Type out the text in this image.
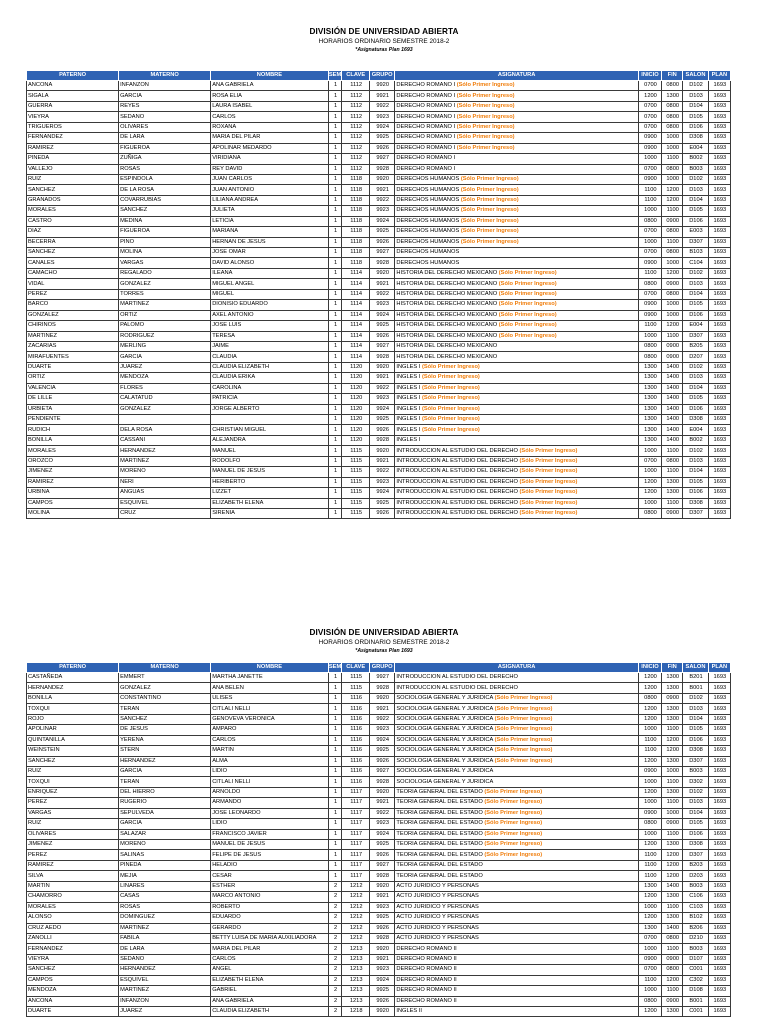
DIVISIÓN DE UNIVERSIDAD ABIERTA
HORARIOS ORDINARIO SEMESTRE 2018-2
*Asignaturas Plan 1693
PATERNO	MATERNO	NOMBRE	SEM	CLAVE	GRUPO	ASIGNATURA	INICIO	FIN	SALON	PLAN
ANCONA	INFANZON	ANA GABRIELA	1	1112	9920	DERECHO ROMANO I (Sólo Primer Ingreso)	0700	0800	D102	1693
SIGALA	GARCIA	ROSA ELIA	1	1112	9921	DERECHO ROMANO I (Sólo Primer Ingreso)	1200	1300	D103	1693
GUERRA	REYES	LAURA ISABEL	1	1112	9922	DERECHO ROMANO I (Sólo Primer Ingreso)	0700	0800	D104	1693
VIEYRA	SEDANO	CARLOS	1	1112	9923	DERECHO ROMANO I (Sólo Primer Ingreso)	0700	0800	D105	1693
TRIGUEROS	OLIVARES	ROXANA	1	1112	9924	DERECHO ROMANO I (Sólo Primer Ingreso)	0700	0800	D106	1693
FERNANDEZ	DE LARA	MARIA DEL PILAR	1	1112	9925	DERECHO ROMANO I (Sólo Primer Ingreso)	0900	1000	D308	1693
RAMIREZ	FIGUEROA	APOLINAR MEDARDO	1	1112	9926	DERECHO ROMANO I (Sólo Primer Ingreso)	0900	1000	E004	1693
PINEDA	ZUÑIGA	VIRIDIANA	1	1112	9927	DERECHO ROMANO I	1000	1100	B002	1693
VALLEJO	ROSAS	REY DAVID	1	1112	9928	DERECHO ROMANO I	0700	0800	B003	1693
RUIZ	ESPINDOLA	JUAN CARLOS	1	1118	9920	DERECHOS HUMANOS (Sólo Primer Ingreso)	0900	1000	D102	1693
SANCHEZ	DE LA ROSA	JUAN ANTONIO	1	1118	9921	DERECHOS HUMANOS (Sólo Primer Ingreso)	1100	1200	D103	1693
GRANADOS	COVARRUBIAS	LILIANA ANDREA	1	1118	9922	DERECHOS HUMANOS (Sólo Primer Ingreso)	1100	1200	D104	1693
MORALES	SANCHEZ	JULIETA	1	1118	9923	DERECHOS HUMANOS (Sólo Primer Ingreso)	1000	1100	D105	1693
CASTRO	MEDINA	LETICIA	1	1118	9924	DERECHOS HUMANOS (Sólo Primer Ingreso)	0800	0900	D106	1693
DIAZ	FIGUEROA	MARIANA	1	1118	9925	DERECHOS HUMANOS (Sólo Primer Ingreso)	0700	0800	E003	1693
BECERRA	PINO	HERNAN DE JESUS	1	1118	9926	DERECHOS HUMANOS (Sólo Primer Ingreso)	1000	1100	D307	1693
SANCHEZ	MOLINA	JOSE OMAR	1	1118	9927	DERECHOS HUMANOS	0700	0800	B103	1693
CANALES	VARGAS	DAVID ALONSO	1	1118	9928	DERECHOS HUMANOS	0900	1000	C104	1693
CAMACHO	REGALADO	ILEANA	1	1114	9920	HISTORIA DEL DERECHO MEXICANO (Sólo Primer Ingreso)	1100	1200	D102	1693
VIDAL	GONZALEZ	MIGUEL ANGEL	1	1114	9921	HISTORIA DEL DERECHO MEXICANO (Sólo Primer Ingreso)	0800	0900	D103	1693
PEREZ	TORRES	MIGUEL	1	1114	9922	HISTORIA DEL DERECHO MEXICANO (Sólo Primer Ingreso)	0700	0800	D104	1693
BARCO	MARTINEZ	DIONISIO EDUARDO	1	1114	9923	HISTORIA DEL DERECHO MEXICANO (Sólo Primer Ingreso)	0900	1000	D105	1693
GONZALEZ	ORTIZ	AXEL ANTONIO	1	1114	9924	HISTORIA DEL DERECHO MEXICANO (Sólo Primer Ingreso)	0900	1000	D106	1693
CHIRINOS	PALOMO	JOSE LUIS	1	1114	9925	HISTORIA DEL DERECHO MEXICANO (Sólo Primer Ingreso)	1100	1200	E004	1693
MARTINEZ	RODRIGUEZ	TERESA	1	1114	9926	HISTORIA DEL DERECHO MEXICANO (Sólo Primer Ingreso)	1000	1100	D307	1693
ZACARIAS	MERLING	JAIME	1	1114	9927	HISTORIA DEL DERECHO MEXICANO	0800	0900	B205	1693
MIRAFUENTES	GARCIA	CLAUDIA	1	1114	9928	HISTORIA DEL DERECHO MEXICANO	0800	0900	D207	1693
DUARTE	JUAREZ	CLAUDIA ELIZABETH	1	1120	9920	INGLES I (Sólo Primer Ingreso)	1300	1400	D102	1693
ORTIZ	MENDOZA	CLAUDIA ERIKA	1	1120	9921	INGLES I (Sólo Primer Ingreso)	1300	1400	D103	1693
VALENCIA	FLORES	CAROLINA	1	1120	9922	INGLES I (Sólo Primer Ingreso)	1300	1400	D104	1693
DE LILLE	CALATATUD	PATRICIA	1	1120	9923	INGLES I (Sólo Primer Ingreso)	1300	1400	D105	1693
URBIETA	GONZALEZ	JORGE ALBERTO	1	1120	9924	INGLES I (Sólo Primer Ingreso)	1300	1400	D106	1693
PENDIENTE			1	1120	9925	INGLES I (Sólo Primer Ingreso)	1300	1400	D308	1693
RUDICH	DELA ROSA	CHRISTIAN MIGUEL	1	1120	9926	INGLES I (Sólo Primer Ingreso)	1300	1400	E004	1693
BONILLA	CASSANI	ALEJANDRA	1	1120	9928	INGLES I	1300	1400	B002	1693
MORALES	HERNANDEZ	MANUEL	1	1115	9920	INTRODUCCION AL ESTUDIO DEL DERECHO (Sólo Primer Ingreso)	1000	1100	D102	1693
OROZCO	MARTINEZ	RODOLFO	1	1115	9921	INTRODUCCION AL ESTUDIO DEL DERECHO (Sólo Primer Ingreso)	0700	0800	D103	1693
JIMENEZ	MORENO	MANUEL DE JESUS	1	1115	9922	INTRODUCCION AL ESTUDIO DEL DERECHO (Sólo Primer Ingreso)	1000	1100	D104	1693
RAMIREZ	NERI	HERIBERTO	1	1115	9923	INTRODUCCION AL ESTUDIO DEL DERECHO (Sólo Primer Ingreso)	1200	1300	D105	1693
URBINA	ANGUAS	LIZZET	1	1115	9924	INTRODUCCION AL ESTUDIO DEL DERECHO (Sólo Primer Ingreso)	1200	1300	D106	1693
CAMPOS	ESQUIVEL	ELIZABETH ELENA	1	1115	9925	INTRODUCCION AL ESTUDIO DEL DERECHO (Sólo Primer Ingreso)	1000	1100	D308	1693
MOLINA	CRUZ	SIRENIA	1	1115	9926	INTRODUCCION AL ESTUDIO DEL DERECHO (Sólo Primer Ingreso)	0800	0900	D307	1693
DIVISIÓN DE UNIVERSIDAD ABIERTA
HORARIOS ORDINARIO SEMESTRE 2018-2
*Asignaturas Plan 1693
PATERNO	MATERNO	NOMBRE	SEM	CLAVE	GRUPO	ASIGNATURA	INICIO	FIN	SALON	PLAN
CASTAÑEDA	EMMERT	MARTHA JANETTE	1	1115	9927	INTRODUCCION AL ESTUDIO DEL DERECHO	1200	1300	B201	1693
HERNANDEZ	GONZALEZ	ANA BELEN	1	1115	9928	INTRODUCCION AL ESTUDIO DEL DERECHO	1200	1300	B001	1693
BONILLA	CONSTANTINO	ULISES	1	1116	9920	SOCIOLOGIA GENERAL Y JURIDICA (Sólo Primer Ingreso)	0800	0900	D102	1693
TOXQUI	TERAN	CITLALI NELLI	1	1116	9921	SOCIOLOGIA GENERAL Y JURIDICA (Sólo Primer Ingreso)	1200	1300	D103	1693
ROJO	SANCHEZ	GENOVEVA VERONICA	1	1116	9922	SOCIOLOGIA GENERAL Y JURIDICA (Sólo Primer Ingreso)	1200	1300	D104	1693
APOLINAR	DE JESUS	AMPARO	1	1116	9923	SOCIOLOGIA GENERAL Y JURIDICA (Sólo Primer Ingreso)	1000	1100	D105	1693
QUINTANILLA	YERENA	CARLOS	1	1116	9924	SOCIOLOGIA GENERAL Y JURIDICA (Sólo Primer Ingreso)	1100	1200	D106	1693
WEINSTEIN	STERN	MARTIN	1	1116	9925	SOCIOLOGIA GENERAL Y JURIDICA (Sólo Primer Ingreso)	1100	1200	D308	1693
SANCHEZ	HERNANDEZ	ALMA	1	1116	9926	SOCIOLOGIA GENERAL Y JURIDICA (Sólo Primer Ingreso)	1200	1300	D307	1693
RUIZ	GARCIA	LIDIO	1	1116	9927	SOCIOLOGIA GENERAL Y JURIDICA	0900	1000	B003	1693
TOXQUI	TERAN	CITLALI NELLI	1	1116	9928	SOCIOLOGIA GENERAL Y JURIDICA	1000	1100	D302	1693
ENRIQUEZ	DEL HIERRO	ARNOLDO	1	1117	9920	TEORIA GENERAL DEL ESTADO (Sólo Primer Ingreso)	1200	1300	D102	1693
PEREZ	RUGERIO	ARMANDO	1	1117	9921	TEORIA GENERAL DEL ESTADO (Sólo Primer Ingreso)	1000	1100	D103	1693
VARGAS	SEPULVEDA	JOSE LEONARDO	1	1117	9922	TEORIA GENERAL DEL ESTADO (Sólo Primer Ingreso)	0900	1000	D104	1693
RUIZ	GARCIA	LIDIO	1	1117	9923	TEORIA GENERAL DEL ESTADO (Sólo Primer Ingreso)	0800	0900	D105	1693
OLIVARES	SALAZAR	FRANCISCO JAVIER	1	1117	9924	TEORIA GENERAL DEL ESTADO (Sólo Primer Ingreso)	1000	1100	D106	1693
JIMENEZ	MORENO	MANUEL DE JESUS	1	1117	9925	TEORIA GENERAL DEL ESTADO (Sólo Primer Ingreso)	1200	1300	D308	1693
PEREZ	SALINAS	FELIPE DE JESUS	1	1117	9926	TEORIA GENERAL DEL ESTADO (Sólo Primer Ingreso)	1100	1200	D307	1693
RAMIREZ	PINEDA	HELADIO	1	1117	9927	TEORIA GENERAL DEL ESTADO	1100	1200	B203	1693
SILVA	MEJIA	CESAR	1	1117	9928	TEORIA GENERAL DEL ESTADO	1100	1200	D203	1693
MARTIN	LINARES	ESTHER	2	1212	9920	ACTO JURIDICO Y PERSONAS	1300	1400	B003	1693
CHAMORRO	CASAS	MARCO ANTONIO	2	1212	9921	ACTO JURIDICO Y PERSONAS	1200	1300	C106	1693
MORALES	ROSAS	ROBERTO	2	1212	9923	ACTO JURIDICO Y PERSONAS	1000	1100	C103	1693
ALONSO	DOMINGUEZ	EDUARDO	2	1212	9925	ACTO JURIDICO Y PERSONAS	1200	1300	B102	1693
CRUZ AEDO	MARTINEZ	GERARDO	2	1212	9926	ACTO JURIDICO Y PERSONAS	1300	1400	B206	1693
ZANOLLI	FABILA	BETTY LUISA DE MARIA AUXILIADORA	2	1212	9928	ACTO JURIDICO Y PERSONAS	0700	0800	D210	1693
FERNANDEZ	DE LARA	MARIA DEL PILAR	2	1213	9920	DERECHO ROMANO II	1000	1100	B003	1693
VIEYRA	SEDANO	CARLOS	2	1213	9921	DERECHO ROMANO II	0900	0900	D107	1693
SANCHEZ	HERNANDEZ	ANGEL	2	1213	9923	DERECHO ROMANO II	0700	0800	C001	1693
CAMPOS	ESQUIVEL	ELIZABETH ELENA	2	1213	9924	DERECHO ROMANO II	1100	1200	C302	1693
MENDOZA	MARTINEZ	GABRIEL	2	1213	9925	DERECHO ROMANO II	1000	1100	D108	1693
ANCONA	INFANZON	ANA GABRIELA	2	1213	9926	DERECHO ROMANO II	0800	0900	B001	1693
DUARTE	JUAREZ	CLAUDIA ELIZABETH	2	1218	9920	INGLES II	1200	1300	C001	1693
